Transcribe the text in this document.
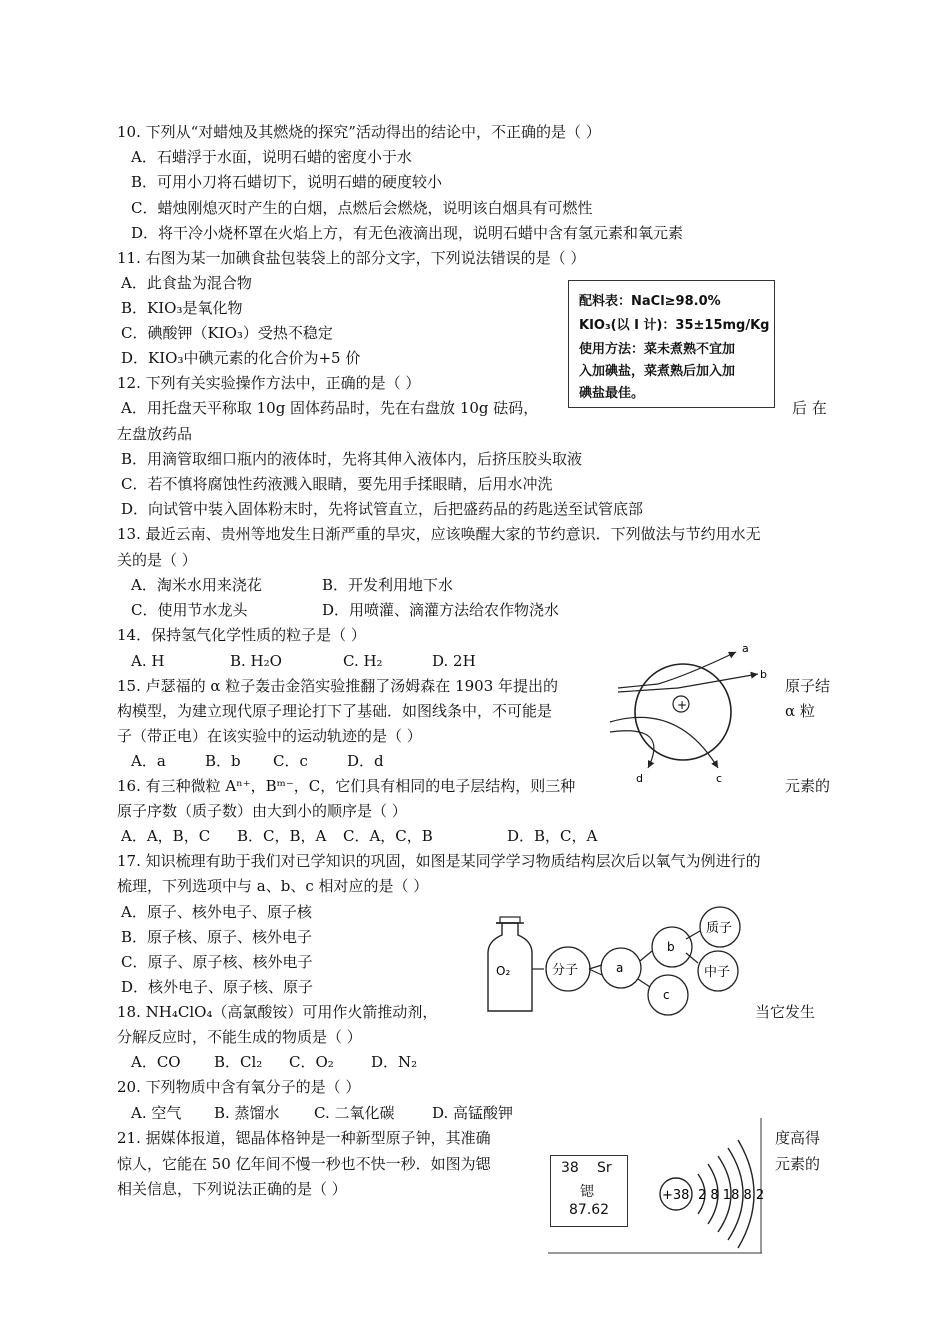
10. 下列从“对蜡烛及其燃烧的探究”活动得出的结论中，不正确的是（ ）
A．石蜡浮于水面，说明石蜡的密度小于水
B．可用小刀将石蜡切下，说明石蜡的硬度较小
C．蜡烛刚熄灭时产生的白烟，点燃后会燃烧，说明该白烟具有可燃性
D．将干冷小烧杯罩在火焰上方，有无色液滴出现，说明石蜡中含有氢元素和氧元素
11. 右图为某一加碘食盐包装袋上的部分文字，下列说法错误的是（ ）
A．此食盐为混合物
B．KIO₃是氧化物
C．碘酸钾（KIO₃）受热不稳定
D．KIO₃中碘元素的化合价为+5 价
配料表：NaCl≥98.0%
KIO₃(以 I 计)：35±15mg/Kg
使用方法：菜未煮熟不宜加
入加碘盐，菜煮熟后加入加
碘盐最佳。
12. 下列有关实验操作方法中，正确的是（ ）
A．用托盘天平称取 10g 固体药品时，先在右盘放 10g 砝码，	后 在
左盘放药品
B．用滴管取细口瓶内的液体时，先将其伸入液体内，后挤压胶头取液
C．若不慎将腐蚀性药液溅入眼睛，要先用手揉眼睛，后用水冲洗
D．向试管中装入固体粉末时，先将试管直立，后把盛药品的药匙送至试管底部
13. 最近云南、贵州等地发生日渐严重的旱灾，应该唤醒大家的节约意识．下列做法与节约用水无
关的是（ ）
A．淘米水用来浇花	B．开发利用地下水
C．使用节水龙头	D．用喷灌、滴灌方法给农作物浇水
14．保持氢气化学性质的粒子是（ ）
A. H	B. H₂O	C. H₂	D. 2H
15. 卢瑟福的 α 粒子轰击金箔实验推翻了汤姆森在 1903 年提出的	原子结
构模型，为建立现代原子理论打下了基础．如图线条中，不可能是	α 粒
子（带正电）在该实验中的运动轨迹的是（ ）
A．a	B．b C．c	D．d
+
a
b
c
d
16. 有三种微粒 Aⁿ⁺，Bᵐ⁻，C，它们具有相同的电子层结构，则三种	元素的
原子序数（质子数）由大到小的顺序是（ ）
A．A，B，C B．C，B，A C．A，C，B	D．B，C，A
17. 知识梳理有助于我们对已学知识的巩固，如图是某同学学习物质结构层次后以氧气为例进行的
梳理，下列选项中与 a、b、c 相对应的是（ ）
A．原子、核外电子、原子核
B．原子核、原子、核外电子
C．原子、原子核、核外电子
D．核外电子、原子核、原子
O₂	分子	a
b
c
质子
中子
18. NH₄ClO₄（高氯酸铵）可用作火箭推动剂，	当它发生
分解反应时，不能生成的物质是（ ）
A．CO B．Cl₂ C．O₂ D．N₂
20. 下列物质中含有氧分子的是（ ）
A. 空气 B. 蒸馏水 C. 二氧化碳	D. 高锰酸钾
21. 据媒体报道，锶晶体格钟是一种新型原子钟，其准确	度高得
惊人，它能在 50 亿年间不慢一秒也不快一秒．如图为锶	元素的
相关信息，下列说法正确的是（ ）
38 Sr
锶
87.62
+38 2 8 18 8 2
